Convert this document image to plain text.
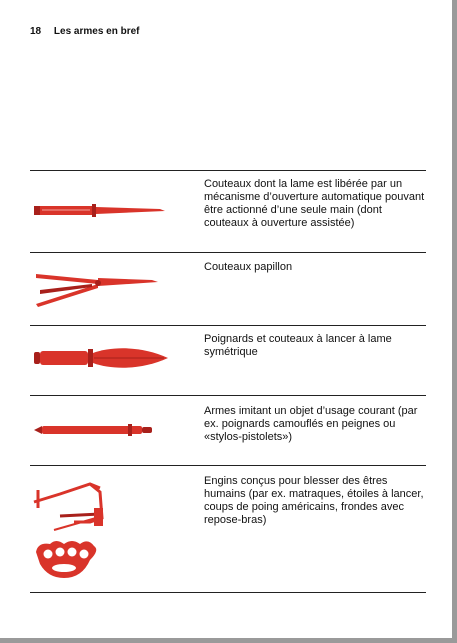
18 Les armes en bref
Couteaux dont la lame est libérée par un mécanisme d’ouverture automatique pouvant être actionné d’une seule main (dont couteaux à ouverture assistée)
Couteaux papillon
Poignards et couteaux à lancer à lame symétrique
Armes imitant un objet d’usage courant (par ex. poignards camouflés en peignes ou «stylos-pistolets»)
Engins conçus pour blesser des êtres humains (par ex. matraques, étoiles à lancer, coups de poing américains, frondes avec repose-bras)
